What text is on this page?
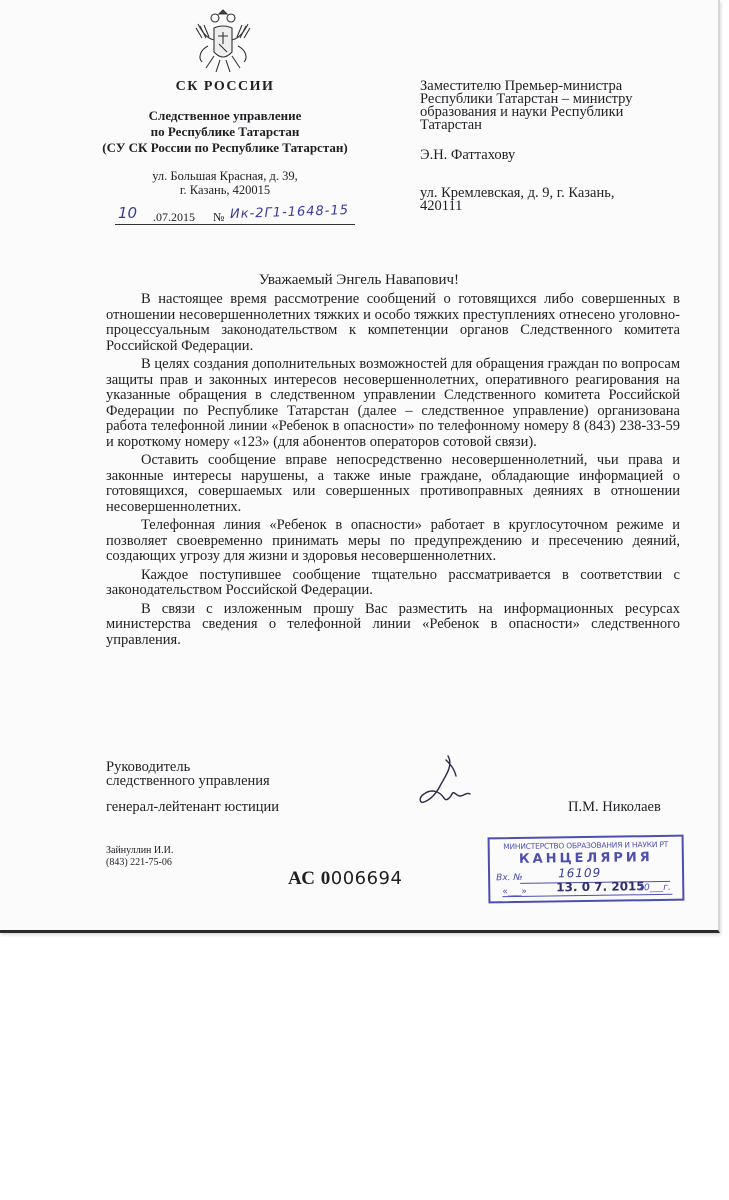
СК РОССИИ
Следственное управление
по Республике Татарстан
(СУ СК России по Республике Татарстан)
ул. Большая Красная, д. 39,
г. Казань, 420015
10 .07.2015 № Ик-2Г1-1648-15
Заместителю Премьер-министра
Республики Татарстан – министру
образования и науки Республики
Татарстан
Э.Н. Фаттахову
ул. Кремлевская, д. 9, г. Казань,
420111
Уважаемый Энгель Навапович!

В настоящее время рассмотрение сообщений о готовящихся либо совершенных в отношении несовершеннолетних тяжких и особо тяжких преступлениях отнесено уголовно-процессуальным законодательством к компетенции органов Следственного комитета Российской Федерации.

В целях создания дополнительных возможностей для обращения граждан по вопросам защиты прав и законных интересов несовершеннолетних, оперативного реагирования на указанные обращения в следственном управлении Следственного комитета Российской Федерации по Республике Татарстан (далее – следственное управление) организована работа телефонной линии «Ребенок в опасности» по телефонному номеру 8 (843) 238-33-59 и короткому номеру «123» (для абонентов операторов сотовой связи).

Оставить сообщение вправе непосредственно несовершеннолетний, чьи права и законные интересы нарушены, а также иные граждане, обладающие информацией о готовящихся, совершаемых или совершенных противоправных деяниях в отношении несовершеннолетних.

Телефонная линия «Ребенок в опасности» работает в круглосуточном режиме и позволяет своевременно принимать меры по предупреждению и пресечению деяний, создающих угрозу для жизни и здоровья несовершеннолетних.

Каждое поступившее сообщение тщательно рассматривается в соответствии с законодательством Российской Федерации.

В связи с изложенным прошу Вас разместить на информационных ресурсах министерства сведения о телефонной линии «Ребенок в опасности» следственного управления.

Руководитель
следственного управления
генерал-лейтенант юстиции	П.М. Николаев
Зайнуллин И.И.
(843) 221-75-06
АС 0006694
МИНИСТЕРСТВО ОБРАЗОВАНИЯ И НАУКИ РТ
КАНЦЕЛЯРИЯ
Вх. №	16109
«___» 13. 0 7. 2015
20___г.
